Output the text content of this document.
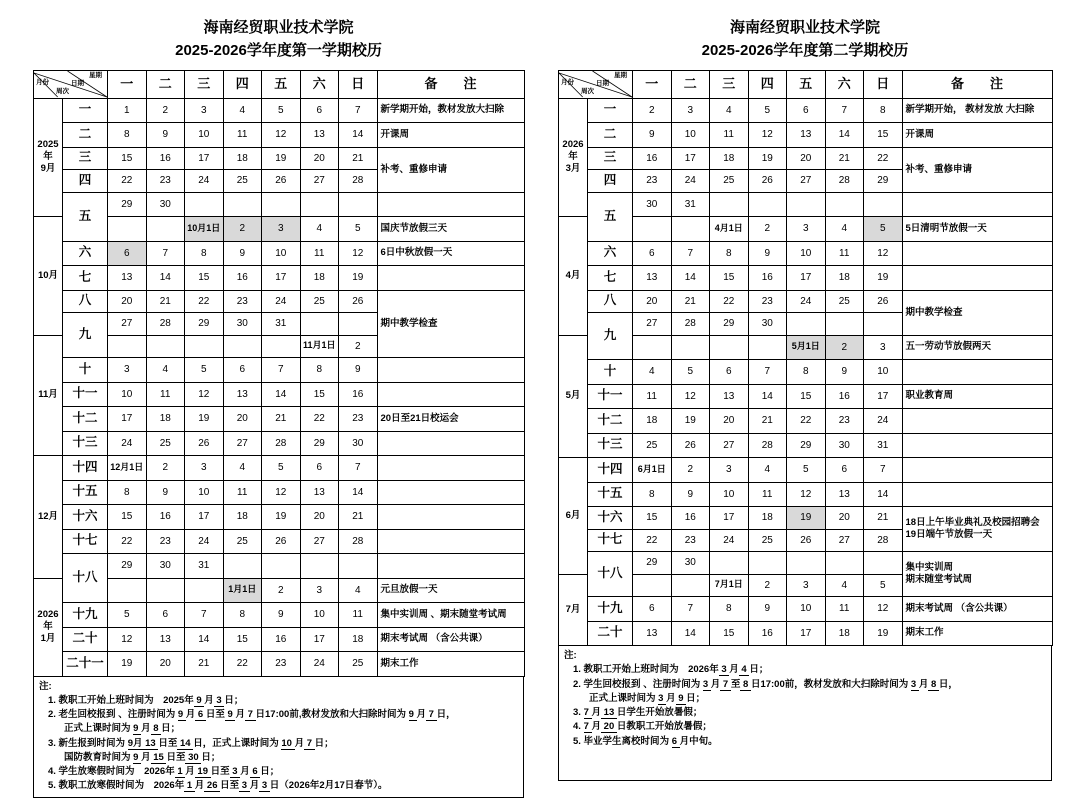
海南经贸职业技术学院
2025-2026学年度第一学期校历
星期
日期
月份
周次		一	二	三	四	五	六	日	备　　注
2025年
9月	一	1	2	3	4	5	6	7	新学期开始，教材发放大扫除
	二	8	9	10	11	12	13	14	开课周
	三	15	16	17	18	19	20	21	补考、重修申请
	四	22	23	24	25	26	27	28	
	五	29	30						
10月				10月1日	2	3	4	5	国庆节放假三天
	六	6	7	8	9	10	11	12	6日中秋放假一天
	七	13	14	15	16	17	18	19	
	八	20	21	22	23	24	25	26	期中教学检查
	九	27	28	29	30	31			
11月							11月1日	2	
	十	3	4	5	6	7	8	9	
	十一	10	11	12	13	14	15	16	
	十二	17	18	19	20	21	22	23	20日至21日校运会
	十三	24	25	26	27	28	29	30	
12月	十四	12月1日	2	3	4	5	6	7	
	十五	8	9	10	11	12	13	14	
	十六	15	16	17	18	19	20	21	
	十七	22	23	24	25	26	27	28	
	十八	29	30	31					
2026年
1月					1月1日	2	3	4	元旦放假一天
	十九	5	6	7	8	9	10	11	集中实训周 、期末随堂考试周
	二十	12	13	14	15	16	17	18	期末考试周 （含公共课）
	二十一	19	20	21	22	23	24	25	期末工作
注:
1. 教职工开始上班时间为　2025年 9 月 3 日；
2. 老生回校报到 、注册时间为 9 月 6 日至 9 月 7 日17:00前,教材发放和大扫除时间为 9 月 7 日，
正式上课时间为 9 月 8 日；
3. 新生报到时间为 9月 13 日至 14 日，正式上课时间为 10 月 7 日；
国防教育时间为 9 月 15 日至 30 日；
4. 学生放寒假时间为　2026年 1 月 19 日至 3 月 6 日；
5. 教职工放寒假时间为　2026年 1 月 26 日至 3 月 3 日（2026年2月17日春节）。
海南经贸职业技术学院
2025-2026学年度第二学期校历
星期
日期
月份
周次		一	二	三	四	五	六	日	备　　注
2026年
3月	一	2	3	4	5	6	7	8	新学期开始， 教材发放 大扫除
	二	9	10	11	12	13	14	15	开课周
	三	16	17	18	19	20	21	22	补考、重修申请
	四	23	24	25	26	27	28	29	
	五	30	31						
4月				4月1日	2	3	4	5	5日清明节放假一天
	六	6	7	8	9	10	11	12	
	七	13	14	15	16	17	18	19	
	八	20	21	22	23	24	25	26	期中教学检查
	九	27	28	29	30				
5月						5月1日	2	3	五一劳动节放假两天
	十	4	5	6	7	8	9	10	
	十一	11	12	13	14	15	16	17	职业教育周
	十二	18	19	20	21	22	23	24	
	十三	25	26	27	28	29	30	31	
6月	十四	6月1日	2	3	4	5	6	7	
	十五	8	9	10	11	12	13	14	
	十六	15	16	17	18	19	20	21	18日上午毕业典礼及校园招聘会
19日端午节放假一天
	十七	22	23	24	25	26	27	28	
	十八	29	30						集中实训周
期末随堂考试周
7月				7月1日	2	3	4	5	
	十九	6	7	8	9	10	11	12	期末考试周 （含公共课）
	二十	13	14	15	16	17	18	19	期末工作
注:
1. 教职工开始上班时间为　2026年 3 月 4 日；
2. 学生回校报到 、注册时间为 3 月 7 至 8 日17:00前，教材发放和大扫除时间为 3 月 8 日，
正式上课时间为 3 月 9 日；
3. 7 月 13 日学生开始放暑假；
4. 7 月 20 日教职工开始放暑假；
5. 毕业学生离校时间为 6 月中旬。
